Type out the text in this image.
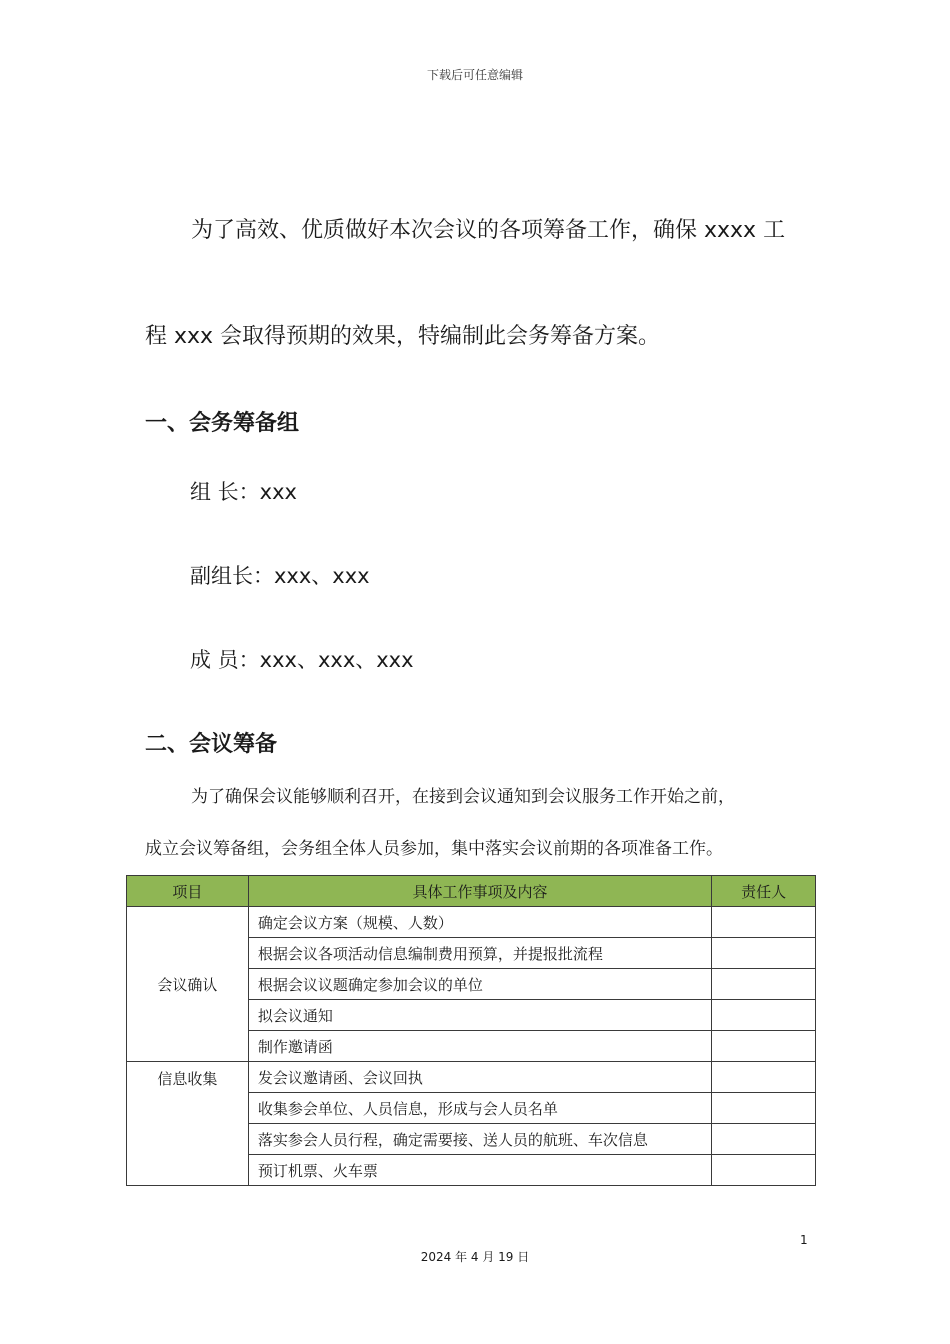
下载后可任意编辑
为了高效、优质做好本次会议的各项筹备工作，确保 xxxx 工
程 xxx 会取得预期的效果，特编制此会务筹备方案。
一、会务筹备组
组 长：xxx
副组长：xxx、xxx
成 员：xxx、xxx、xxx
二、会议筹备
为了确保会议能够顺利召开，在接到会议通知到会议服务工作开始之前，
成立会议筹备组，会务组全体人员参加，集中落实会议前期的各项准备工作。
项目	具体工作事项及内容	责任人
会议确认	确定会议方案（规模、人数）	
	根据会议各项活动信息编制费用预算，并提报批流程	
	根据会议议题确定参加会议的单位	
	拟会议通知	
	制作邀请函	
信息收集	发会议邀请函、会议回执	
	收集参会单位、人员信息，形成与会人员名单	
	落实参会人员行程，确定需要接、送人员的航班、车次信息	
	预订机票、火车票	
1
2024 年 4 月 19 日
